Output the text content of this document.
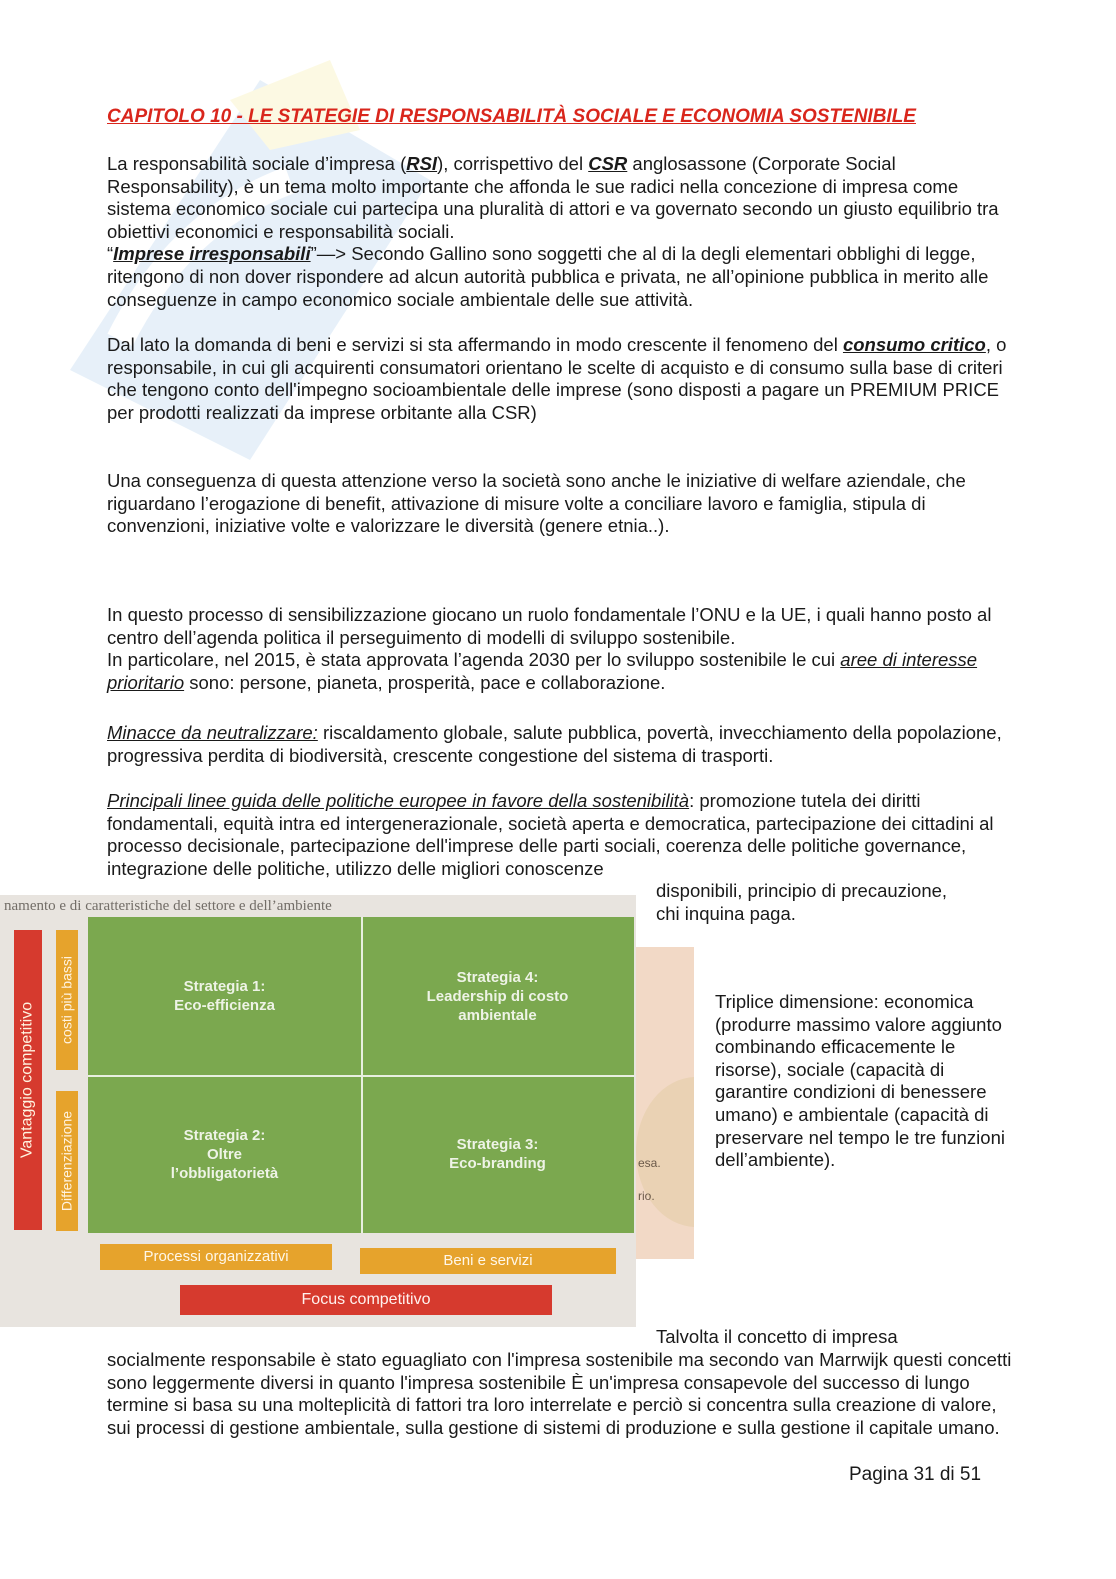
CAPITOLO 10 - LE STATEGIE DI RESPONSABILITÀ SOCIALE E ECONOMIA SOSTENIBILE
La responsabilità sociale d’impresa (RSI), corrispettivo del CSR anglosassone (Corporate Social Responsability), è un tema molto importante che affonda le sue radici nella concezione di impresa come sistema economico sociale cui partecipa una pluralità di attori e va governato secondo un giusto equilibrio tra obiettivi economici e responsabilità sociali.
“Imprese irresponsabili”—> Secondo Gallino sono soggetti che al di la degli elementari obblighi di legge, ritengono di non dover rispondere ad alcun autorità pubblica e privata, ne all’opinione pubblica in merito alle conseguenze in campo economico sociale ambientale delle sue attività.
Dal lato la domanda di beni e servizi si sta affermando in modo crescente il fenomeno del consumo critico, o responsabile, in cui gli acquirenti consumatori orientano le scelte di acquisto e di consumo sulla base di criteri che tengono conto dell'impegno socioambientale delle imprese (sono disposti a pagare un PREMIUM PRICE per prodotti realizzati da imprese orbitante alla CSR)
Una conseguenza di questa attenzione verso la società sono anche le iniziative di welfare aziendale, che riguardano l’erogazione di benefit, attivazione di misure volte a conciliare lavoro e famiglia, stipula di convenzioni, iniziative volte e valorizzare le diversità (genere etnia..).
In questo processo di sensibilizzazione giocano un ruolo fondamentale l’ONU e la UE, i quali hanno posto al centro dell’agenda politica il perseguimento di modelli di sviluppo sostenibile.
In particolare, nel 2015, è stata approvata l’agenda 2030 per lo sviluppo sostenibile le cui aree di interesse prioritario sono: persone, pianeta, prosperità, pace e collaborazione.
Minacce da neutralizzare: riscaldamento globale, salute pubblica, povertà, invecchiamento della popolazione, progressiva perdita di biodiversità, crescente congestione del sistema di trasporti.
Principali linee guida delle politiche europee in favore della sostenibilità: promozione tutela dei diritti fondamentali, equità intra ed intergenerazionale, società aperta e democratica, partecipazione dei cittadini al processo decisionale, partecipazione dell'imprese delle parti sociali, coerenza delle politiche governance, integrazione delle politiche, utilizzo delle migliori conoscenze
disponibili, principio di precauzione,
chi inquina paga.
namento e di caratteristiche del settore e dell’ambiente
Vantaggio competitivo
costi più bassi
Differenziazione
Strategia 1:
Eco-efficienza
Strategia 4:
Leadership di costo
ambientale
Strategia 2:
Oltre
l’obbligatorietà
Strategia 3:
Eco-branding
Processi organizzativi	Beni e servizi
Focus competitivo
esa.
rio.
Triplice dimensione: economica (produrre massimo valore aggiunto combinando efficacemente le risorse), sociale (capacità di garantire condizioni di benessere umano) e ambientale (capacità di preservare nel tempo le tre funzioni dell’ambiente).
Talvolta il concetto di impresa
socialmente responsabile è stato eguagliato con l'impresa sostenibile ma secondo van Marrwijk questi concetti sono leggermente diversi in quanto l'impresa sostenibile È un'impresa consapevole del successo di lungo termine si basa su una molteplicità di fattori tra loro interrelate e perciò si concentra sulla creazione di valore, sui processi di gestione ambientale, sulla gestione di sistemi di produzione e sulla gestione il capitale umano.
Pagina 31 di 51
